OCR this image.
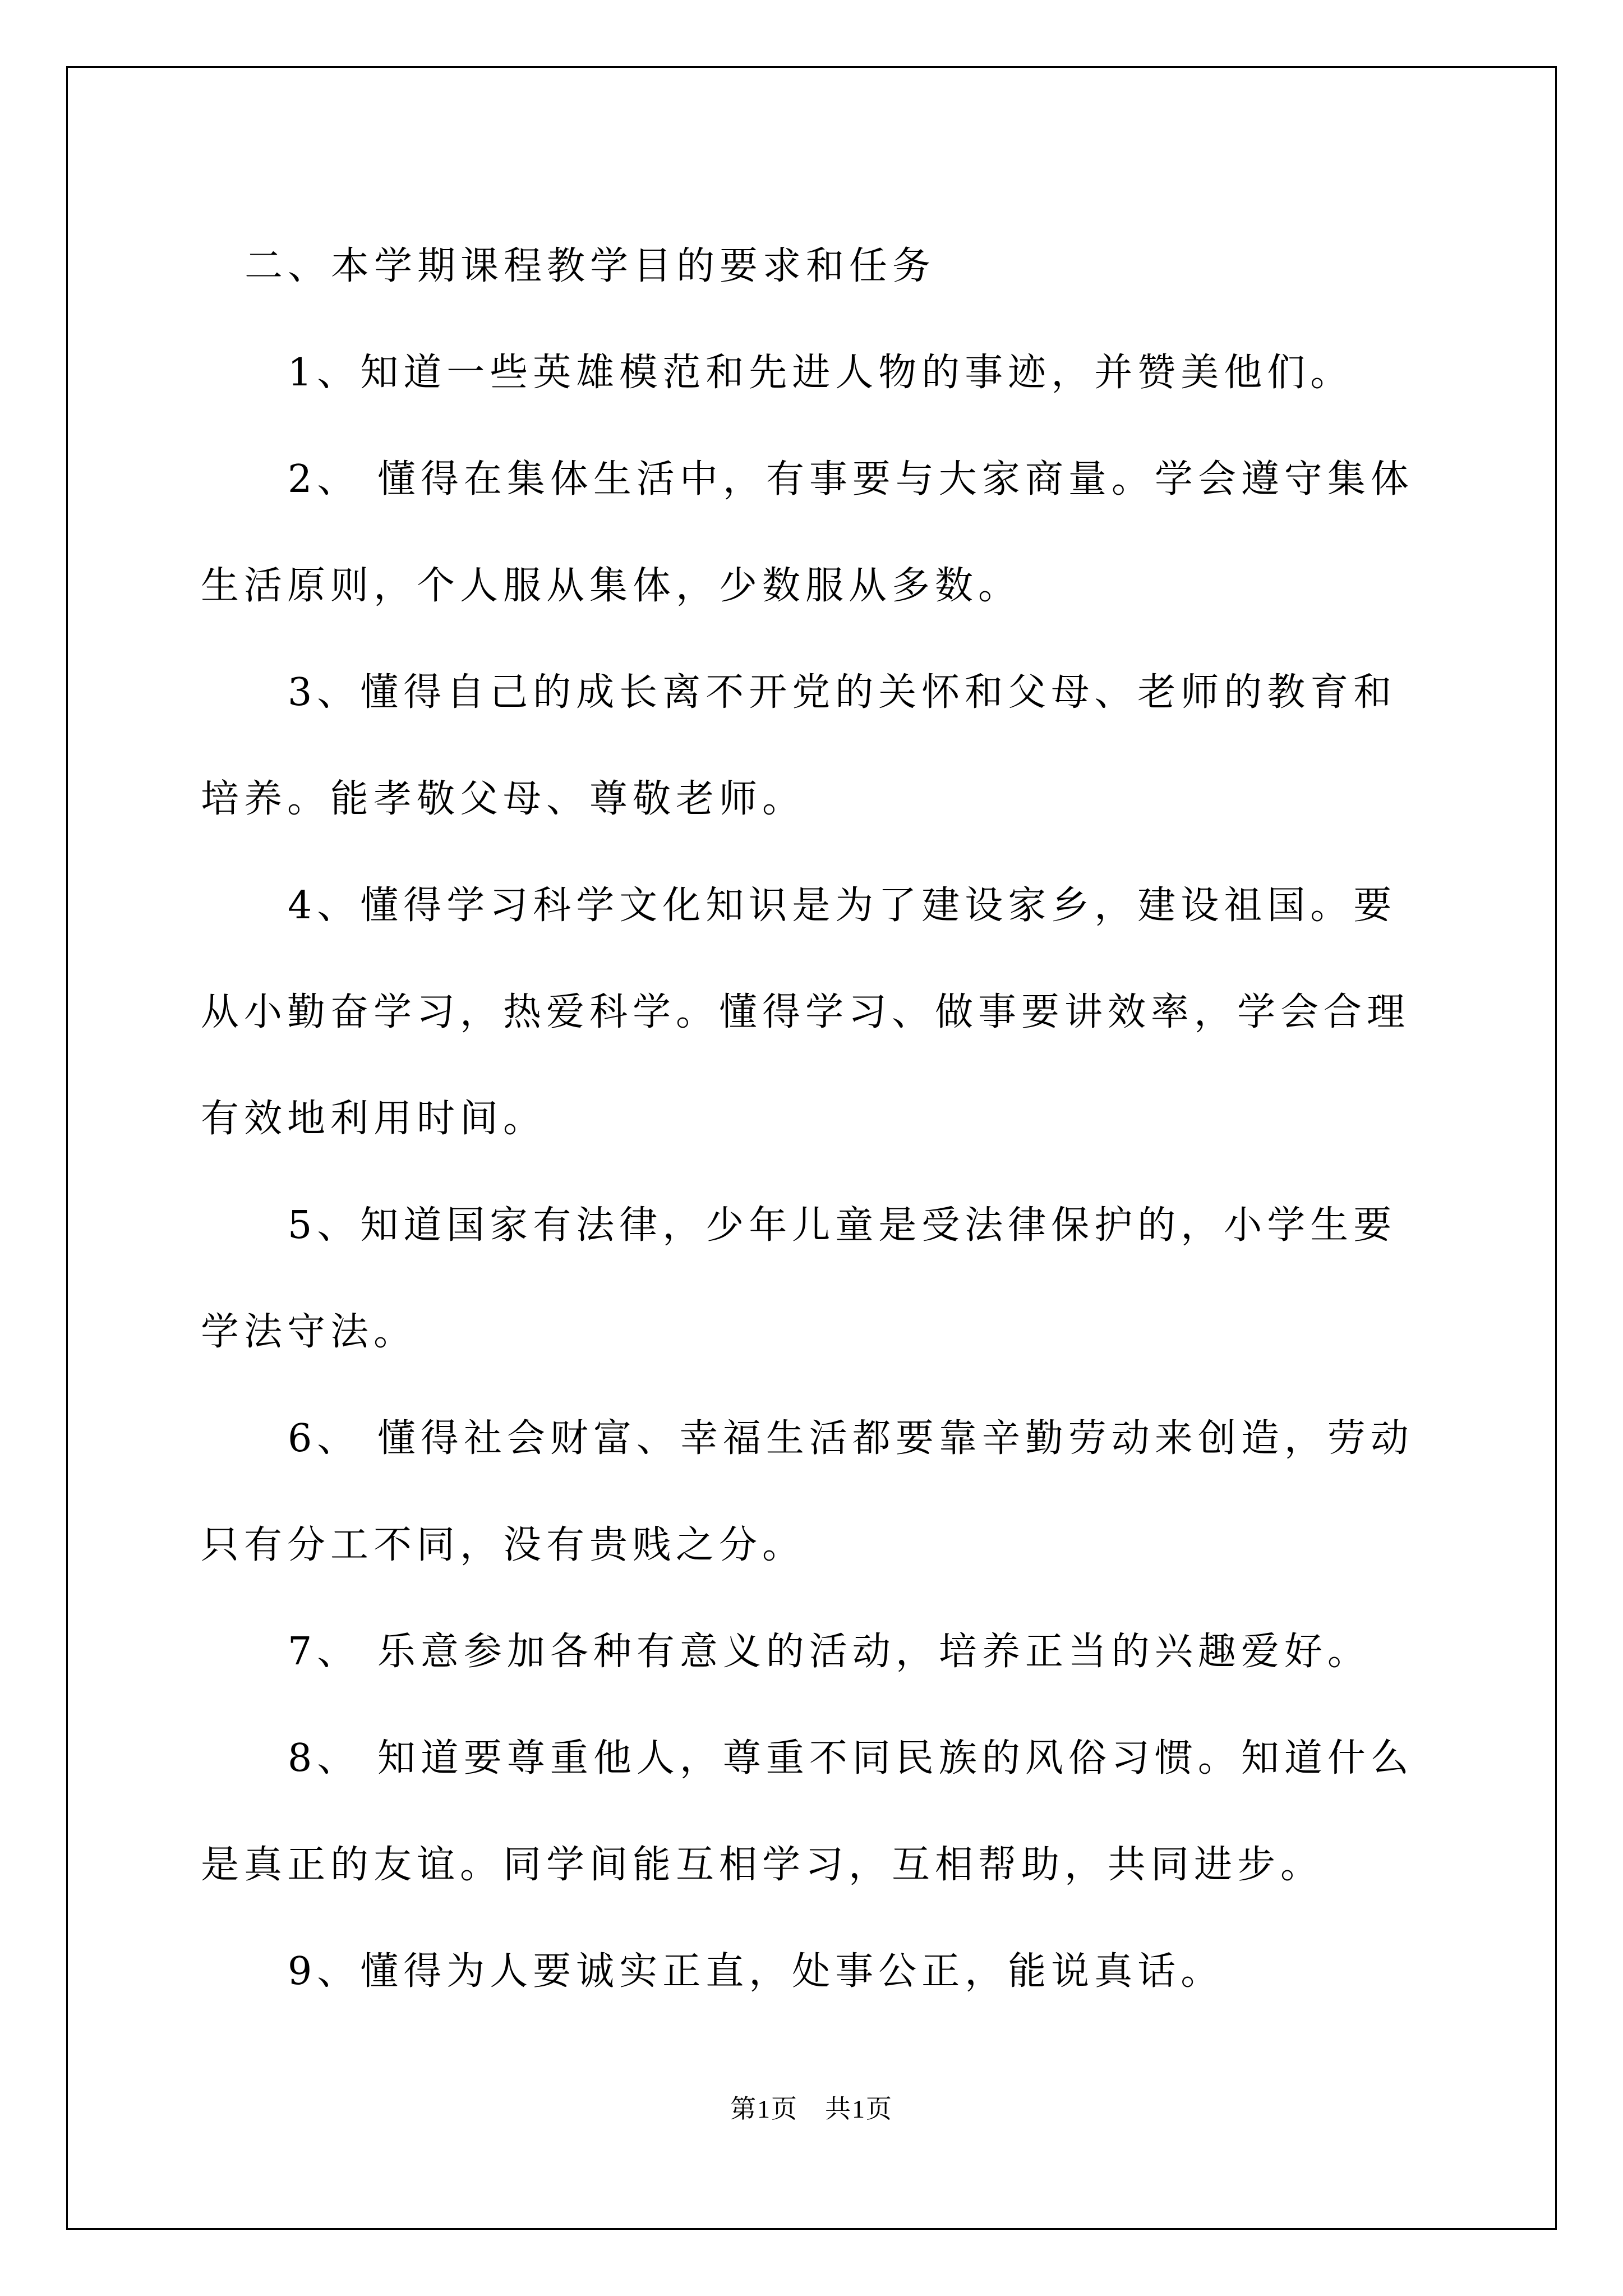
二、本学期课程教学目的要求和任务

1、知道一些英雄模范和先进人物的事迹，并赞美他们。

2、 懂得在集体生活中，有事要与大家商量。学会遵守集体生活原则，个人服从集体，少数服从多数。

3、懂得自己的成长离不开党的关怀和父母、老师的教育和培养。能孝敬父母、尊敬老师。

4、懂得学习科学文化知识是为了建设家乡，建设祖国。要从小勤奋学习，热爱科学。懂得学习、做事要讲效率，学会合理有效地利用时间。

5、知道国家有法律，少年儿童是受法律保护的，小学生要学法守法。

6、 懂得社会财富、幸福生活都要靠辛勤劳动来创造，劳动只有分工不同，没有贵贱之分。

7、 乐意参加各种有意义的活动，培养正当的兴趣爱好。

8、 知道要尊重他人，尊重不同民族的风俗习惯。知道什么是真正的友谊。同学间能互相学习，互相帮助，共同进步。

9、懂得为人要诚实正直，处事公正，能说真话。

第1页　共1页
